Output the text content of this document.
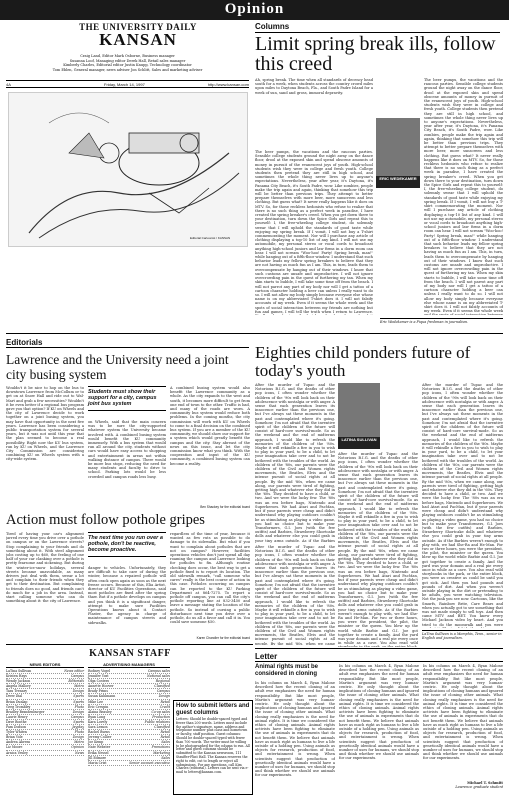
Opinion
THE UNIVERSITY DAILY
KANSAN
Craig Land, Editor Mark Osborne, Business manager
Susanna Loof, Managing editor Derek Hall, Retail sales manager
Kimberly Charles, Editorial editor Justin Knupp, Technology coordinator
Tom Eblen, General manager, news adviser Jon Schlitt, Sales and marketing adviser
4A	Friday, March 14, 1997	http://www.kansan.com
Editorial Cartoonist / KANSAN
Columns
Limit spring break ills, follow this creed
Ah, spring break. The time when all standards of decency head south for a week, when students across the country crowd miles upon miles to Daytona Beach, Fla., and South Padre Island for a week of sun, sand and gross, immoral depravity.
ERIC WEDEKAMER
The beer pumps, the vacations and the raucous parties. Sensible college students ground the night away on the dance floor, drool at the exposed skin and spend obscene amounts of money in pursuit of the evanescent joys of youth. High-school students wish they were in college and fresh youth. College students then pretend they are still in high school, and sometimes the whole thing never lives up to anyone's expectations. Nevertheless, year after year, it's Daytona, it's Panama City Beach, it's South Padre, wow. Like zombies, people make the trip again and again, thinking that somehow this trip will be better than previous trips. They attempt to better prepare themselves with more beer, more sunscreen and less clothing. But guess what? It never really happens like it does on MTV. So, for those reckless hedonists who refuse to realize that there is no such thing as a perfect week in paradise, I have created the spring breaker's creed. When you get down there to your destination, turn down the Spice Girls and repeat this to yourself: I, the free-wheeling college student, do solemnly swear that I will uphold the standards of good taste while enjoying my spring break. If I vomit, I will not buy a T-shirt commemorating the moment. Nor will I purchase any article of clothing displaying a top-10 list of any kind. I will not use my automobile, my personal stereo or vocal cords to broadcast anything high-school juniors and law firms in a dorm room can hear. I will not scream "Woo-hoo! Party! Spring break, man!" while hanging out of a fifth-floor window. I understand that such behavior leads my fellow spring breakers to believe that they are not having as much fun as I am. This, in turn, leads them to overcompensate by hanging out of their windows. I know that such customs are unsafe and unproductive. I will not ignore overcrowding pain in the quest of furthering my tan. When my skin starts to bubble, I will take some time off from the beach. I will not parrot any part of my body nor will I get a tattoo of a cartoon character holding a beer can unless I really want to do so. I will not allow my body simply because everyone else whose name is on my abbreviated T-shirt does it. I will not falsify accounts of my week. Even if it seems the whole week and the spots of social interaction between my friends are nothing but fun and games, I will tell the truth when I return to Lawrence.
The beer pumps, the vacations and the raucous parties. Sensible college students ground the night away on the dance floor, drool at the exposed skin and spend obscene amounts of money in pursuit of the evanescent joys of youth. High-school students wish they were in college and fresh youth. College students then pretend they are still in high school, and sometimes the whole thing never lives up to anyone's expectations. Nevertheless, year after year, it's Daytona, it's Panama City Beach, it's South Padre, wow. Like zombies, people make the trip again and again, thinking that somehow this trip will be better than previous trips. They attempt to better prepare themselves with more beer, more sunscreen and less clothing. But guess what? It never really happens like it does on MTV. So, for those reckless hedonists who refuse to realize that there is no such thing as a perfect week in paradise, I have created the spring breaker's creed. When you get down there to your destination, turn down the Spice Girls and repeat this to yourself: I, the free-wheeling college student, do solemnly swear that I will uphold the standards of good taste while enjoying my spring break. If I vomit, I will not buy a T-shirt commemorating the moment. Nor will I purchase any article of clothing displaying a top-10 list of any kind. I will not use my automobile, my personal stereo or vocal cords to broadcast anything high-school juniors and law firms in a dorm room can hear. I will not scream "Woo-hoo! Party! Spring break, man!" while hanging out of a fifth-floor window. I understand that such behavior leads my fellow spring breakers to believe that they are not having as much fun as I am. This, in turn, leads them to overcompensate by hanging out of their windows. I know that such customs are unsafe and unproductive. I will not ignore overcrowding pain in the quest of furthering my tan. When my skin starts to bubble, I will take some time off from the beach. I will not parrot any part of my body nor will I get a tattoo of a cartoon character holding a beer can unless I really want to do so. I will not allow my body simply because everyone else whose name is on my abbreviated T-shirt does it. I will not falsify accounts of my week. Even if it seems the whole week
Eric Wedekamer is a Piqua freshman in journalism.
Editorials
Lawrence and the University need a joint city busing system
Wouldn't it be nice to hop on the bus to downtown Lawrence from McCollum or to get on at Snow Hall and ride out to Wal-Mart and grab a few necessities? Wouldn't it be even better if a regional bus program gave you that option? If KU on Wheels and the city of Lawrence decide to work together on a joint busing system, you may have that opportunity in the next five years. Lawrence has been considering a public transportation system for several years, but it was not until this year that the plan seemed to become a real possibility. Right now the KU bus system, run by KU on Wheels, and the Lawrence City Commission are considering combining KU on Wheels system with a city-wide system.
Students must show their support for a city, campus joint bus system
on Wheels, said that the main concern was to be sure the city-supported whatever system the University became involved with. A combined busing system would benefit the KU community immensely. With a bus system that would run all around the city, students without cars would have easy access to shopping and entertainment in areas not within walking distance of campus. There would be more bus stops, reducing the need for many students and faculty to drive to school. Parking lots would be less crowded and campus roads less busy.
A combined busing system would also benefit the Lawrence community as a whole. As the city expands to the west and south, it becomes more difficult to get from one end of town to the other. Traffic is bad, and many of the roads are worn. A community bus system would reduce both problems. In the coming months, the city commission will work with KU on Wheels to come to a final decision on the combined bus system. If you are a member of the KU community, we should show our support for a system which would greatly benefit the campus and the city. Stay abreast of the news on this issue, and let the city commission know what you think. With the cooperation and input of the KU community, a combined busing system can become a reality.
Ben Shackey for the editorial board
Action must follow pothole gripes
Tired of having your car's alignment jarred every time you drive over a pothole on campus or on the Lawrence streets? Stop complaining to your friends and do something about it. With steel alignment jobs costing up to $60, the feeling of one half of your car clanking over a pothole is pretty fearsome and sickening. But during the winter-ice-snow holidays, several streets became unavoidable, as many drivers just deal with them, swear a lot and complain to their friends when they get to their destination. But complaining to friends does no good, and friends can't do much for a job in the area. Instead, start calling someone who can do something about it: the city of Lawrence.
The next time you run over a pothole, don't be reactive, become proactive.
danger to vehicles. Unfortunately, they are difficult to take care of during the winter, because a repaired pothole will often crack open again as soon as the next freeze occurs. Because of this, Elia Artist, director of KU Facilities Operations, said most potholes are fixed after the spring thaw. But if a pothole develops on campus and you think it is a significant danger, attempt to make sure Facilities Operations knows about it. Contact Plaster, the agency in charge of maintenance of campus streets and sidewalks.
regardless of the time of year, because it wanted as few ruts as possible to do damage to its sidewalks. But what if you want to complain about potholes that are not on campus? However, facilities operations vehicles don't just spend all day roaming the campus and Lawrence looking for potholes to fix. Although routine checking does occur, the best way to get a pothole fixed is to report its location. The old sidewalk remark, "call someone who cares" really is the best course of action in this case. Potholes occurring on campus can be reported to the KU Parking Department at 864-7275. To report a pothole off campus, you can call the city's pothole reporting line at 832-3450 and leave a message stating the location of the pothole. So instead of cursing a public disturbance next time you drive over a pothole, do us all a favor and call it in. You could save someone $50.
Karen Chandler for the editorial board
Eighties child ponders future of today's youth
After the murder of Tupac and the Notorious B.I.G. and the deaths of other pop icons, I often wonder whether the children of the '90s will look back on their adolescence with nostalgia or with anger. A sense that each generation leaves its innocence earlier than the previous one, but I've always sat these moments in the past and contemplated where it's going. Somehow, I'm not afraid that the inventive spirit of the children of the future will consist of hard-core survival-mode. So as the weekend and the end of midterms approach, I would like to refresh the memories of the children of the '80s. Maybe it will rekindle a fire in you to wish to play in your yard, to be a child, to let your imagination take over and to not be bothered with the troubles of the world. As children of the '80s, our parents were the children of the Civil and Women rights movements, the Beatles, Elvis and the intense pursuit of social rights at all people. By the mid '80s, when we came along, our parents were tired of fighting, getting high and whatever else they did in the '60s. They decided to have a child, or two. And we were the lucky few. The '80s was an era before bags, Nintendo and Superheroes. We had Atari and PacMan, but if your parents were cheap and didn't understand why playing outdoors couldn't be as stimulating as playing a video game, you had no choice but to make your Transformers, G.I. Joes (with the few outfits) and Barbies, Strawberry Shortcake dolls and whatever else you could grab in your tiny arms outside. As if the Barbies
LATINA SULLIVAN
After the murder of Tupac and the Notorious B.I.G. and the deaths of other pop icons, I often wonder whether the children of the '90s will look back on their adolescence with nostalgia or with anger. A sense that each generation leaves its innocence earlier than the previous one, but I've always sat these moments in the past and contemplated where it's going. Somehow, I'm not afraid that the inventive spirit of the children of the future will consist of hard-core survival-mode. So as the weekend and the end of midterms approach, I would like to refresh the memories of the children of the '80s. Maybe it will rekindle a fire in you to wish to play in your yard, to be a child, to let your imagination take over and to not be bothered with the troubles of the world. As children of the '80s, our parents were the children of the Civil and Women rights movements, the Beatles, Elvis and the intense pursuit of social rights at all people. By the mid '80s, when we came along, our parents were tired of fighting, getting high and whatever else they did in the '60s. They decided to have a child, or two. And we were the lucky few. The '80s was an era before bags, Nintendo and Superheroes. We had Atari and PacMan, but if your parents were cheap and didn't understand why playing outdoors couldn't be as stimulating as playing a video game, you had no choice but to make your Transformers, G.I. Joes (with the few outfits) and Barbies, Strawberry Shortcake dolls and whatever else you could grab in your tiny arms outside. As if the Barbies weren't enough to play with, we had She-Ra and He-Man. For two or three hours, you were the president, the pilot, the minister or the queen. You blew up the world while Barbie and G.I. Joe got together to create a family. And the yard was your domain and a real pie every once in while as a cave. You also read wild
After the murder of Tupac and the Notorious B.I.G. and the deaths of other pop icons, I often wonder whether the children of the '90s will look back on their adolescence with nostalgia or with anger. A sense that each generation leaves its innocence earlier than the previous one, but I've always sat these moments in the past and contemplated where it's going. Somehow, I'm not afraid that the inventive spirit of the children of the future will consist of hard-core survival-mode. So as the weekend and the end of midterms approach, I would like to refresh the memories of the children of the '80s. Maybe it will rekindle a fire in you to wish to play in your yard, to be a child, to let your imagination take over and to not be bothered with the troubles of the world. As children of the '80s, our parents were the children of the Civil and Women rights movements, the Beatles, Elvis and the intense pursuit of social rights at all people. By the mid '80s, when we came
After the murder of Tupac and the Notorious B.I.G. and the deaths of other pop icons, I often wonder whether the children of the '90s will look back on their adolescence with nostalgia or with anger. A sense that each generation leaves its innocence earlier than the previous one, but I've always sat these moments in the past and contemplated where it's going. Somehow, I'm not afraid that the inventive spirit of the children of the future will consist of hard-core survival-mode. So as the weekend and the end of midterms approach, I would like to refresh the memories of the children of the '80s. Maybe it will rekindle a fire in you to wish to play in your yard, to be a child, to let your imagination take over and to not be bothered with the troubles of the world. As children of the '80s, our parents were the children of the Civil and Women rights movements, the Beatles, Elvis and the intense pursuit of social rights at all people. By the mid '80s, when we came along, our parents were tired of fighting, getting high and whatever else they did in the '60s. They decided to have a child, or two. And we were the lucky few. The '80s was an era before bags, Nintendo and Superheroes. We had Atari and PacMan, but if your parents were cheap and didn't understand why playing outdoors couldn't be as stimulating as playing a video game, you had no choice but to make your Transformers, G.I. Joes (with the few outfits) and Barbies, Strawberry Shortcake dolls and whatever else you could grab in your tiny arms outside. As if the Barbies weren't enough to play with, we had She-Ra and He-Man. For two or three hours, you were the president, the pilot, the minister or the queen. You blew up the world while Barbie and G.I. Joe got together to create a family. And the yard was your domain and a real pie every once in while as a cave. You also read wild storybooks in the park, or the entire block, you were as creative as could be until you got sick. And then you had pounds and pounds of dirt. And when you weren't outside playing in the dirt or pretending to be adults, you were watching television. Not the junk you see now. Cartoons, like the Smurfs, Rainbow Brite, Care Bears and when you actually got to see something that was not made simply to sell toys. And then came MTV and BET. You knew every Michael Jackson video by heart. And you tried to do the moonwalk and you were
LaTina Sullivan is a Memphis, Tenn., senior in English and journalism.
KANSAN STAFF
NEWS EDITORS	ADVERTISING MANAGERS
LaTina Sullivan	News editor
Kristen Hays	Campus
Wendy Jackson	Editorials
Angela Mallory	Metro
Tara Trenary	Design
Drew Dial	Sports
Brian Dunlap	Sports
Greg Trombley	Photo
Bradley Brandenburger	Design
Laurie Henry	Campus
Dave Boothe	Sports
Pam Dodson	Jayplay
Tyler Whiten	Photo
Brian Vole	Design
Andrea Ahrens	Metro
Liz Moore	Opinion
Arnica Vesley	News
Rodney Vogel	Campus sales
Jennifer Yost	National sales
Olga Costero	Regional
Annette Hoover	Classified
Brady Prims	Campus
Susan Kuhlmann	Design
Mike Lee	Retail
Eric Crespin	Credit
Alaina Beasley	Co-op sales
Ryan Long	Production
Kara Lovely	Public relations
Sara Lemon	Classified
Rachel Burns	Retail
Jeremy Collier	Retail
Joe Kemp	Sales
Nate Webster	Promotions
Erika Nessel	Marketing
Jill Edmore	Sales
Maria Crist	Senior account executive
How to submit letters and guest columns
Letters: Should be double-spaced typed and fewer than 200 words. Letters must include the author's signature, name, address and telephone number plus class and hometown or faculty, staff position. Guest columns: Should be double-spaced typed with fewer than 700 words. The writer must be willing to be photographed for the column to run. All letter and guest columns should be submitted to the Kansan newsroom, 111 Stauffer-Flint Hall. The Kansan reserves the right to edit, cut to length or reject all submissions. For any questions, call Kim Charles (editorial). Letters can be sent via e-mail to letters@kansan.com.
Letter
Animal rights must be considered in cloning
In his column on March 4, Ryan Malone described how the recent cloning of an adult ewe emphasizes the need for human responsibility. But like most people, Martin's argument was very human-centric. He only thought about the implications of cloning humans and ignored the issue of cloning other animals. What cloning really emphasizes is the need for animal rights. It is time we considered the ethics of cloning animals. Animal rights activists have been fighting to eliminate the use of animals in experiments that do not benefit them. We believe that animals have as much right as humans to live a life outside of a holding pen. Using animals as objects for research, production of food, and entertainment is wrong. When scientists suggest that production of genetically identical animals would have a number of uses for humans, we should stop and think whether we should use animals for our experiments.
In his column on March 4, Ryan Malone described how the recent cloning of an adult ewe emphasizes the need for human responsibility. But like most people, Martin's argument was very human-centric. He only thought about the implications of cloning humans and ignored the issue of cloning other animals. What cloning really emphasizes is the need for animal rights. It is time we considered the ethics of cloning animals. Animal rights activists have been fighting to eliminate the use of animals in experiments that do not benefit them. We believe that animals have as much right as humans to live a life outside of a holding pen. Using animals as objects for research, production of food, and entertainment is wrong. When scientists suggest that production of genetically identical animals would have a number of uses for humans, we should stop and think whether we should use animals for our experiments.
In his column on March 4, Ryan Malone described how the recent cloning of an adult ewe emphasizes the need for human responsibility. But like most people, Martin's argument was very human-centric. He only thought about the implications of cloning humans and ignored the issue of cloning other animals. What cloning really emphasizes is the need for animal rights. It is time we considered the ethics of cloning animals. Animal rights activists have been fighting to eliminate the use of animals in experiments that do not benefit them. We believe that animals have as much right as humans to live a life outside of a holding pen. Using animals as objects for research, production of food, and entertainment is wrong. When scientists suggest that production of genetically identical animals would have a number of uses for humans, we should stop and think whether we should use animals for our experiments.
Michael T. Schmitt
Lawrence graduate student
